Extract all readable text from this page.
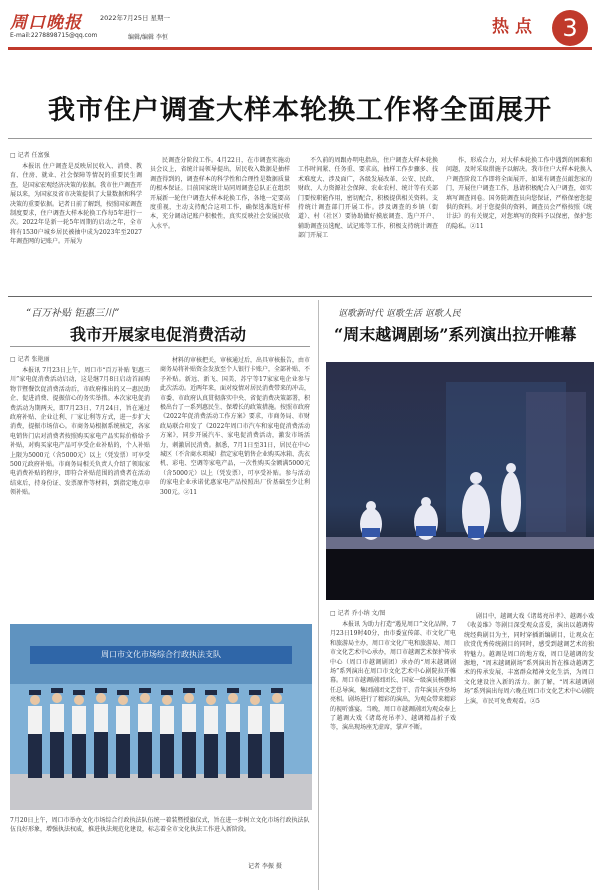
周口晚报	2022年7月25日 星期一
E-mail:2278898715@qq.com	编辑/编辑 李恒
热点	3
我市住户调查大样本轮换工作将全面展开
□ 记者 任富强

本报讯 住户调查是反映居民收入、消费、教育、住房、就业、社会保障等情况的重要民生调查，是国家宏观经济决策的依据。我市住户调查开展以来，为国家及省市决策提供了大量数据和科学决策的重要依据。记者日前了解到，按照国家调查制度要求，住户调查大样本轮换工作每5年进行一次。2022年是新一轮5年周期的启动之年，全市将有1530户城乡居民被抽中成为2023年至2027年调查网的记账户。开展为

民调查分阶段工作。4月22日，在市调查实施动员会议上，省统计局领导提出，居民收入数据是抽样调查得到的，调查样本的科学性和合理性是数据质量的根本保证。目前国家统计局同周调查总队正在组织开展新一轮住户调查大样本轮换工作，各地一定要高度重视，主动支持配合这项工作，确保选准选好样本，充分调动记账户积极性，真实反映社会发展民收入水平。

不久前的周跟办明电指出，住户调查大样本轮换工作时间紧、任务重、要求高，抽样工作步骤多、技术难度大、涉及面广，各级发展改革、公安、民政、财政、人力资源社会保障、农业农村、统计等有关部门要按职能作用，密切配合，积极提供相关资料。支持统计调查部门开展工作。涉及调查的乡镇（街道）、村（社区）要协助做好摸底调查、选户开户、辅助调查员选配、试记账等工作，积极支持统计调查部门开展工

作，形成合力，对大样本轮换工作中遇到的困难和问题，及时采取措施予以解决。我市住户大样本轮换入户调查阶段工作即将全面展开，如果有调查员敲您家的门，开展住户调查工作，恳请积极配合入户调查，如实填写调查问卷。国务院调查员向您保证，严格保密您提供的资料。对于您提供的资料，调查员会严格按照《统计法》的有关规定，对您填写的资料予以保密，保护您的隐私。②11

“百万补贴 钜惠三川”
我市开展家电促消费活动
□ 记者 张艳丽

本报讯 7月23日上午，周口市“百万补贴 钜惠三川”家电促消费活动启动，这是继7月8日启动首届购物节暨餐饮促消费活动后，市政府推出的又一惠民助企、促进消费、提振信心的务实举措。本次家电促消费活动为期两天，即7月23日、7月24日，旨在通过政府补贴、企业让利、厂家让利等方式，进一步扩大消费，提振市场信心。市商务局根据系统核定，各家电销售门店对消费者按照购买家电产品实际价格给予补贴，对购买家电产品可享受企业补贴的，个人补贴上限为5000元（含5000元）以上（凭发票）可享受500元政府补贴。市商务局相关负责人介绍了领取家电消费补贴的程序，即符合补贴范围的消费者在活动结束后，持身份证、发票原件等材料，到指定地点申领补贴。

材料的审核把关，审核通过后，出具审核报告，由市商务局将补贴资金发放至个人银行卡账户，全部补贴、不予补贴。新远、新飞、国美、苏宁等17家家电企业参与此次活动。近两年来，面对疫情对居民消费带来的冲击，市委、市政府认真贯彻落实中央、省促消费决策部署，积极出台了一系列惠民生、保增长的政策措施。按照市政府《2022年促消费活动工作方案》要求，市商务局、市财政局联合印发了《2022年周口市汽车和家电促消费活动方案》，同步开展汽车、家电促消费活动，激发市场活力，刺激居民消费。据悉，7月1日至31日，居民在中心城区（不含商水项城）指定家电销售企业购买冰箱、洗衣机、彩电、空调等家电产品，一次性购买金额满5000元（含5000元）以上（凭发票），可享受补贴。参与活动的家电企业承诺优惠家电产品按照出厂价基础至少让利300元。②11

讴歌新时代 讴歌生活 讴歌人民
“周末越调剧场”系列演出拉开帷幕
□ 记者 乔小纳 文/图

本报讯 为助力打造“遇见周口”文化品牌，7月23日19时40分，由市委宣传部、市文化广电和旅游局主办，周口市文化广电和旅游局、周口市文化艺术中心承办，周口市越调艺术保护传承中心（周口市越调剧团）承办的“周末越调剧场”系列演出在周口市文化艺术中心剧院拉开帷幕。周口市越调剧团团长、国家一级演员杨鹏担任总导演，集团剧团文艺骨干、青年演员齐登场亮相。剧场进行了精彩的演出，为观众带来精彩的视听盛宴。当晚，周口市越调剧团为观众奉上了越调大戏《诸葛亮吊孝》、越调精品折子戏等，演出现场座无虚席，掌声不断。

剧目中，越调大戏《诸葛亮吊孝》、越调小戏《收姜维》等剧目深受观众喜爱，演出以越调传统经典剧目为主，同时穿插新编剧目，让观众在欣赏优秀传统剧目的同时，感受到越调艺术的独特魅力。越调是周口的地方戏，周口是越调的发源地，“周末越调剧场”系列演出旨在推动越调艺术的传承发展，丰富群众精神文化生活，为周口文化建设注入新的活力。据了解，“周末越调剧场”系列演出每周六晚在周口市文化艺术中心剧院上演，市民可免费观看。②5

周口市文化市场综合行政执法支队
7月20日上午，周口市举办文化市场综合行政执法队伍统一着装暨授旗仪式，旨在进一步树立文化市场行政执法队伍良好形象，增强执法权威，推进执法规范化建设，标志着全市文化执法工作进入新阶段。
记者 李振 摄
